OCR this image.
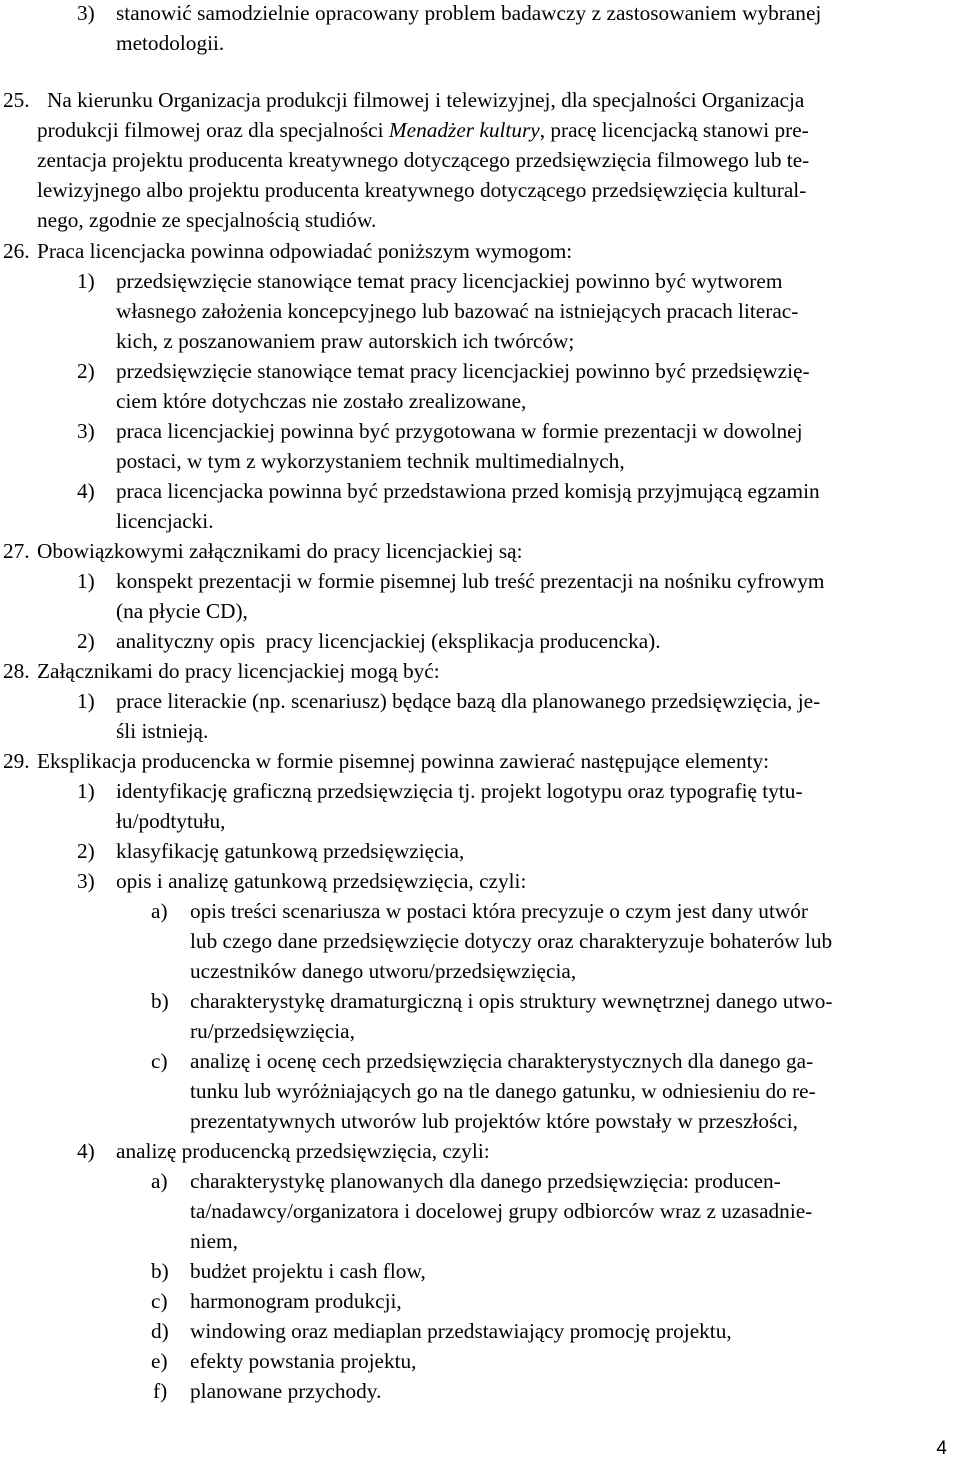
3) stanowić samodzielnie opracowany problem badawczy z zastosowaniem wybranej
metodologii.
25. Na kierunku Organizacja produkcji filmowej i telewizyjnej, dla specjalności Organizacja
produkcji filmowej oraz dla specjalności Menadżer kultury, pracę licencjacką stanowi pre-
zentacja projektu producenta kreatywnego dotyczącego przedsięwzięcia filmowego lub te-
lewizyjnego albo projektu producenta kreatywnego dotyczącego przedsięwzięcia kultural-
nego, zgodnie ze specjalnością studiów.
26. Praca licencjacka powinna odpowiadać poniższym wymogom:
1) przedsięwzięcie stanowiące temat pracy licencjackiej powinno być wytworem
własnego założenia koncepcyjnego lub bazować na istniejących pracach literac-
kich, z poszanowaniem praw autorskich ich twórców;
2) przedsięwzięcie stanowiące temat pracy licencjackiej powinno być przedsięwzię-
ciem które dotychczas nie zostało zrealizowane,
3) praca licencjackiej powinna być przygotowana w formie prezentacji w dowolnej
postaci, w tym z wykorzystaniem technik multimedialnych,
4) praca licencjacka powinna być przedstawiona przed komisją przyjmującą egzamin
licencjacki.
27. Obowiązkowymi załącznikami do pracy licencjackiej są:
1) konspekt prezentacji w formie pisemnej lub treść prezentacji na nośniku cyfrowym
(na płycie CD),
2) analityczny opis  pracy licencjackiej (eksplikacja producencka).
28. Załącznikami do pracy licencjackiej mogą być:
1) prace literackie (np. scenariusz) będące bazą dla planowanego przedsięwzięcia, je-
śli istnieją.
29. Eksplikacja producencka w formie pisemnej powinna zawierać następujące elementy:
1) identyfikację graficzną przedsięwzięcia tj. projekt logotypu oraz typografię tytu-
łu/podtytułu,
2) klasyfikację gatunkową przedsięwzięcia,
3) opis i analizę gatunkową przedsięwzięcia, czyli:
a) opis treści scenariusza w postaci która precyzuje o czym jest dany utwór
lub czego dane przedsięwzięcie dotyczy oraz charakteryzuje bohaterów lub
uczestników danego utworu/przedsięwzięcia,
b) charakterystykę dramaturgiczną i opis struktury wewnętrznej danego utwo-
ru/przedsięwzięcia,
c) analizę i ocenę cech przedsięwzięcia charakterystycznych dla danego ga-
tunku lub wyróżniających go na tle danego gatunku, w odniesieniu do re-
prezentatywnych utworów lub projektów które powstały w przeszłości,
4) analizę producencką przedsięwzięcia, czyli:
a) charakterystykę planowanych dla danego przedsięwzięcia: producen-
ta/nadawcy/organizatora i docelowej grupy odbiorców wraz z uzasadnie-
niem,
b) budżet projektu i cash flow,
c) harmonogram produkcji,
d) windowing oraz mediaplan przedstawiający promocję projektu,
e) efekty powstania projektu,
f) planowane przychody.
4
